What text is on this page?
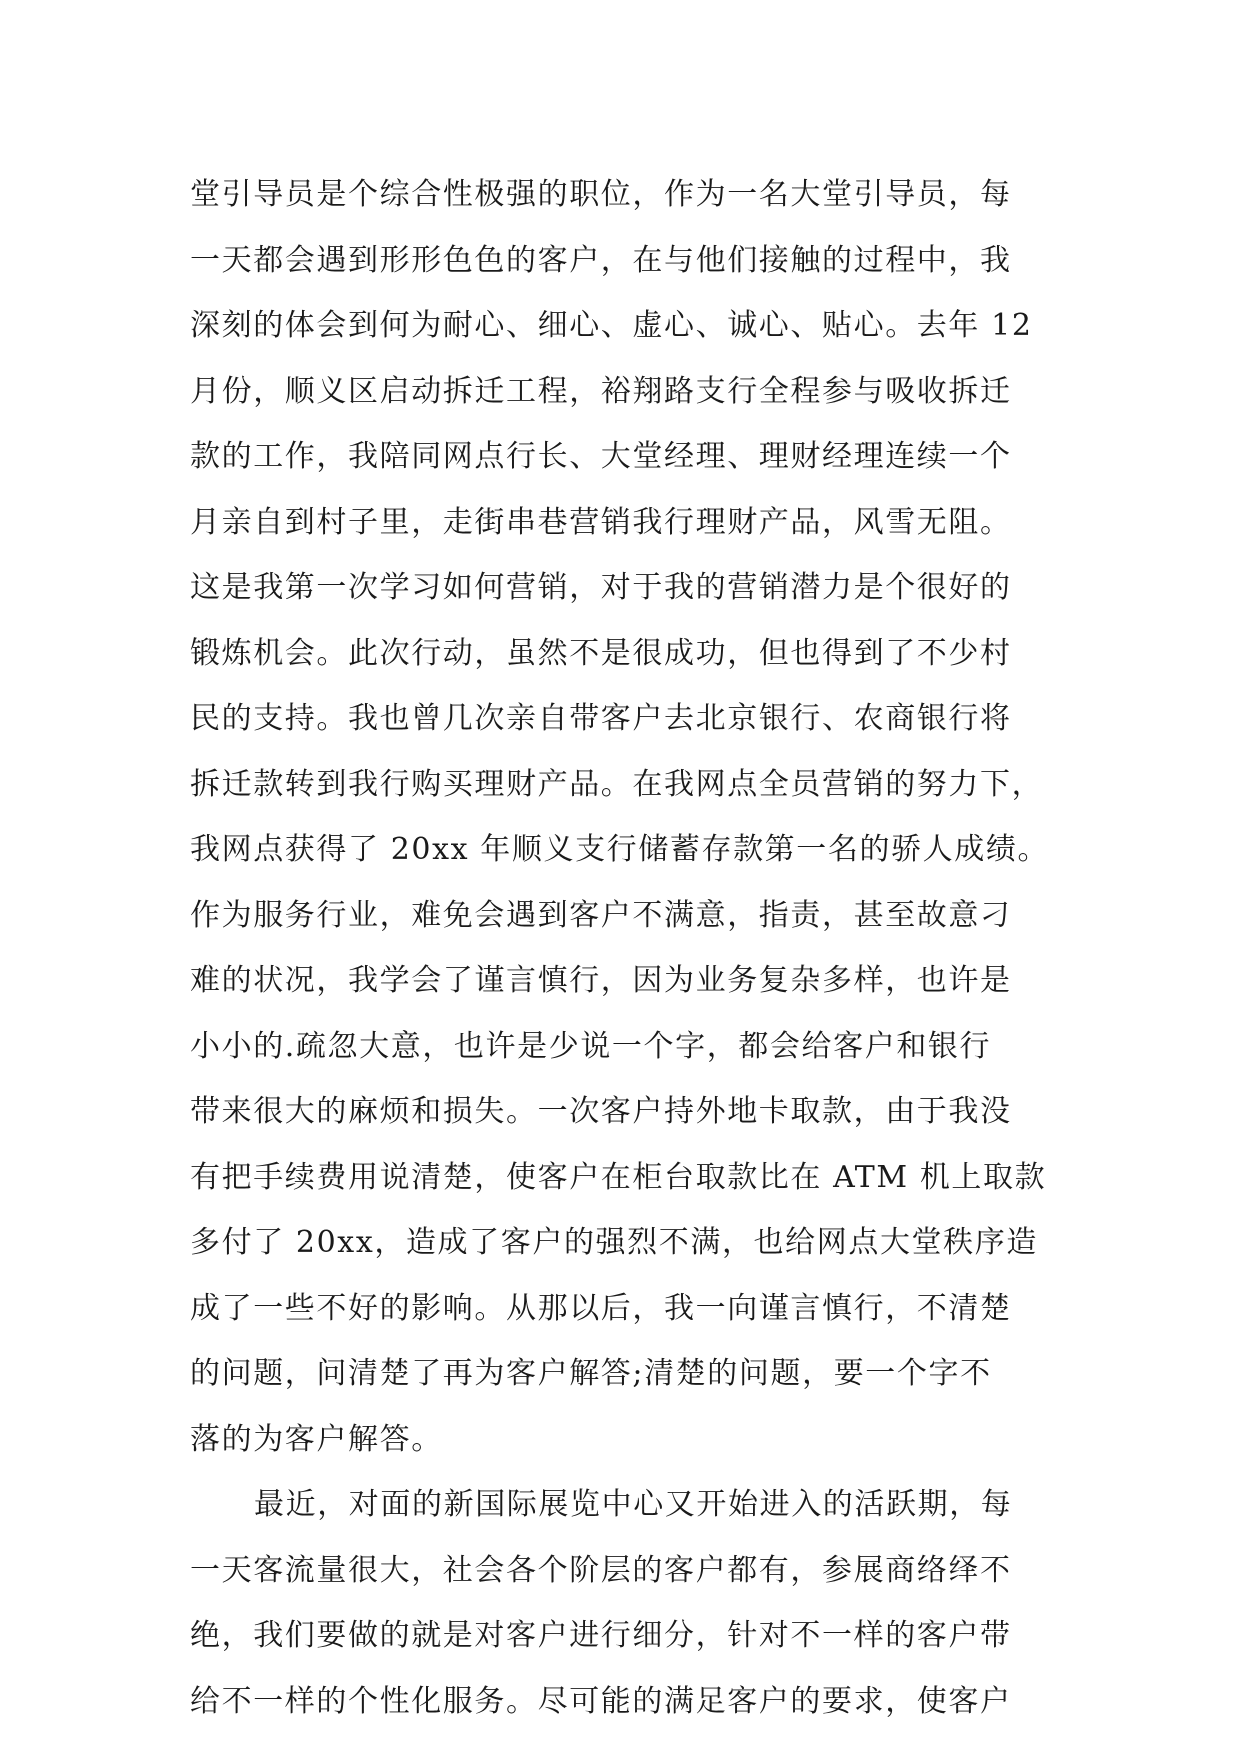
堂引导员是个综合性极强的职位，作为一名大堂引导员，每
一天都会遇到形形色色的客户，在与他们接触的过程中，我
深刻的体会到何为耐心、细心、虚心、诚心、贴心。去年 12
月份，顺义区启动拆迁工程，裕翔路支行全程参与吸收拆迁
款的工作，我陪同网点行长、大堂经理、理财经理连续一个
月亲自到村子里，走街串巷营销我行理财产品，风雪无阻。
这是我第一次学习如何营销，对于我的营销潜力是个很好的
锻炼机会。此次行动，虽然不是很成功，但也得到了不少村
民的支持。我也曾几次亲自带客户去北京银行、农商银行将
拆迁款转到我行购买理财产品。在我网点全员营销的努力下，
我网点获得了 20xx 年顺义支行储蓄存款第一名的骄人成绩。
作为服务行业，难免会遇到客户不满意，指责，甚至故意刁
难的状况，我学会了谨言慎行，因为业务复杂多样，也许是
小小的.疏忽大意，也许是少说一个字，都会给客户和银行
带来很大的麻烦和损失。一次客户持外地卡取款，由于我没
有把手续费用说清楚，使客户在柜台取款比在 ATM 机上取款
多付了 20xx，造成了客户的强烈不满，也给网点大堂秩序造
成了一些不好的影响。从那以后，我一向谨言慎行，不清楚
的问题，问清楚了再为客户解答;清楚的问题，要一个字不
落的为客户解答。
最近，对面的新国际展览中心又开始进入的活跃期，每
一天客流量很大，社会各个阶层的客户都有，参展商络绎不
绝，我们要做的就是对客户进行细分，针对不一样的客户带
给不一样的个性化服务。尽可能的满足客户的要求，使客户
